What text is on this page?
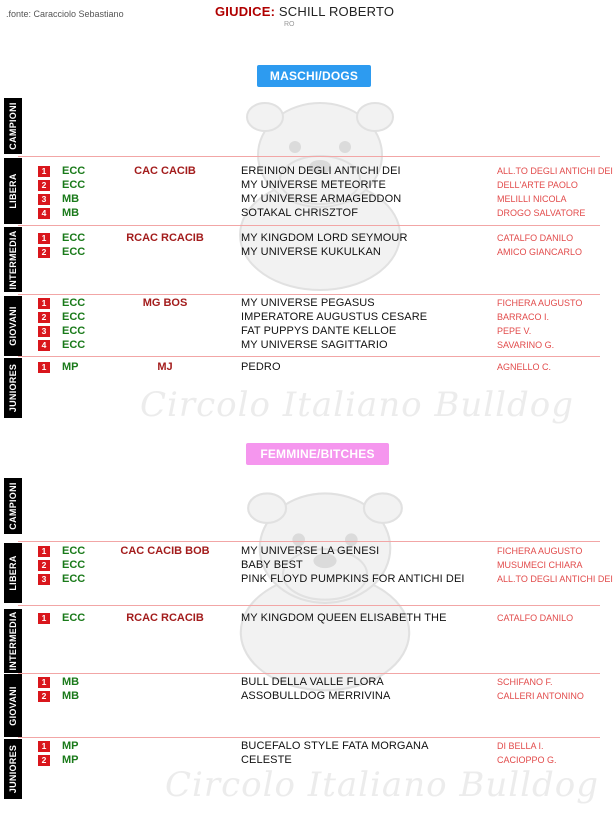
.fonte: Caracciolo Sebastiano	GIUDICE: SCHILL ROBERTO
RO
Circolo Italiano Bulldog
Circolo Italiano Bulldog
MASCHI/DOGS
FEMMINE/BITCHES
CAMPIONI
LIBERA
INTERMEDIA
GIOVANI
JUNIORES
CAMPIONI
LIBERA
INTERMEDIA
GIOVANI
JUNIORES
1	ECC	CAC CACIB	EREINION DEGLI ANTICHI DEI	ALL.TO DEGLI ANTICHI DEI
2	ECC	MY UNIVERSE METEORITE	DELL'ARTE PAOLO
3	MB	MY UNIVERSE ARMAGEDDON	MELILLI NICOLA
4	MB	SOTAKAL CHRISZTOF	DROGO SALVATORE
1	ECC	RCAC RCACIB	MY KINGDOM LORD SEYMOUR	CATALFO DANILO
2	ECC	MY UNIVERSE KUKULKAN	AMICO GIANCARLO
1	ECC	MG BOS	MY UNIVERSE PEGASUS	FICHERA AUGUSTO
2	ECC	IMPERATORE AUGUSTUS CESARE	BARRACO I.
3	ECC	FAT PUPPYS DANTE KELLOE	PEPE V.
4	ECC	MY UNIVERSE SAGITTARIO	SAVARINO G.
1	MP	MJ	PEDRO	AGNELLO C.
1	ECC	CAC CACIB BOB	MY UNIVERSE LA GENESI	FICHERA AUGUSTO
2	ECC	BABY BEST	MUSUMECI CHIARA
3	ECC	PINK FLOYD PUMPKINS FOR ANTICHI DEI	ALL.TO DEGLI ANTICHI DEI
1	ECC	RCAC RCACIB	MY KINGDOM QUEEN ELISABETH THE	CATALFO DANILO
1	MB	BULL DELLA VALLE FLORA	SCHIFANO F.
2	MB	ASSOBULLDOG MERRIVINA	CALLERI ANTONINO
1	MP	BUCEFALO STYLE FATA MORGANA	DI BELLA I.
2	MP	CELESTE	CACIOPPO G.
